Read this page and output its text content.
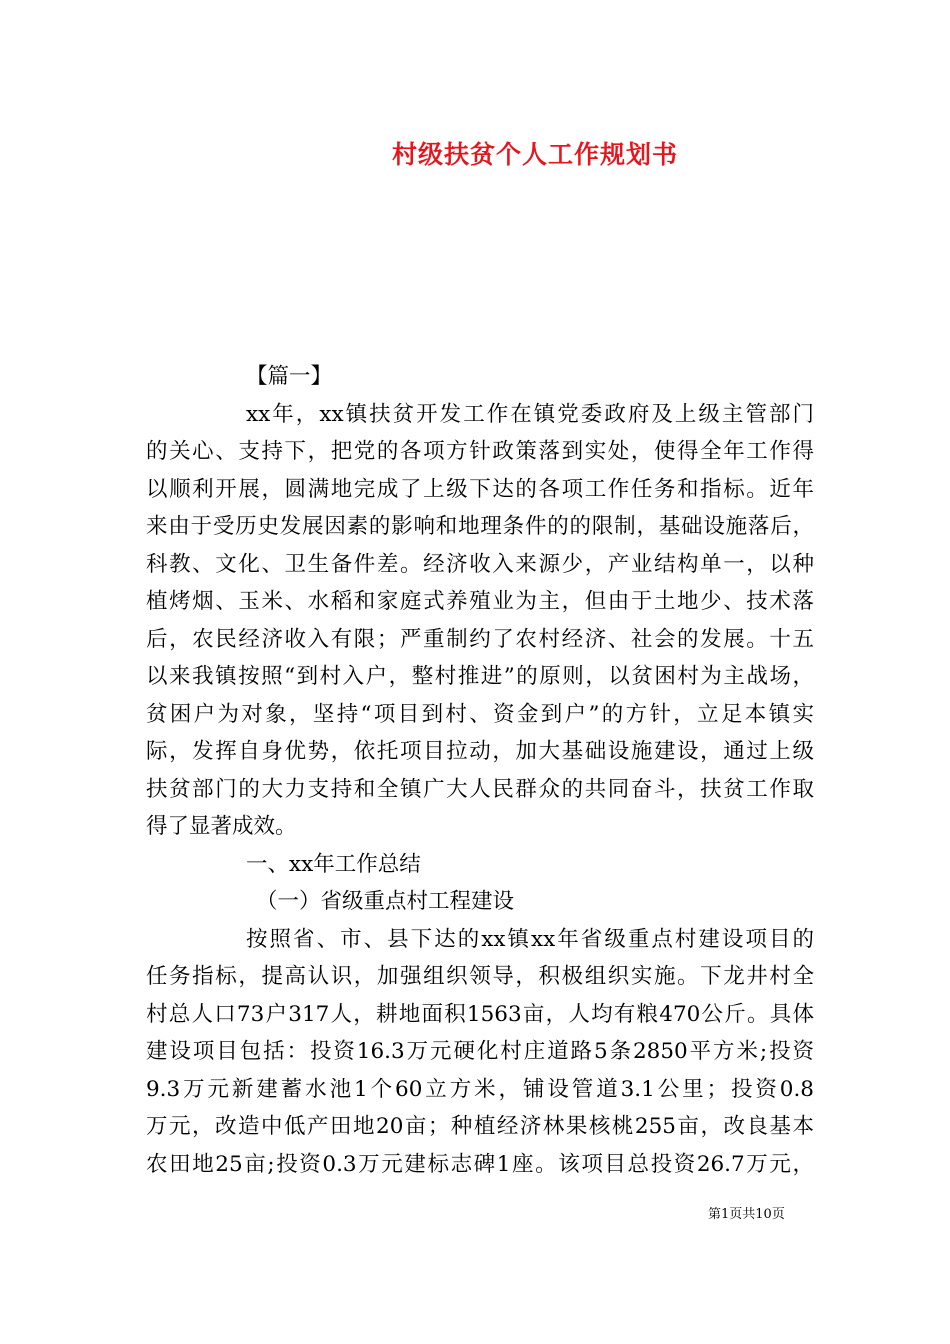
村级扶贫个人工作规划书
【篇一】
xx年，xx镇扶贫开发工作在镇党委政府及上级主管部门
的关心、支持下，把党的各项方针政策落到实处，使得全年工作得
以顺利开展，圆满地完成了上级下达的各项工作任务和指标。近年
来由于受历史发展因素的影响和地理条件的的限制，基础设施落后，
科教、文化、卫生备件差。经济收入来源少，产业结构单一，以种
植烤烟、玉米、水稻和家庭式养殖业为主，但由于土地少、技术落
后，农民经济收入有限；严重制约了农村经济、社会的发展。十五
以来我镇按照“到村入户，整村推进”的原则，以贫困村为主战场，
贫困户为对象，坚持“项目到村、资金到户”的方针，立足本镇实
际，发挥自身优势，依托项目拉动，加大基础设施建设，通过上级
扶贫部门的大力支持和全镇广大人民群众的共同奋斗，扶贫工作取
得了显著成效。
一、xx年工作总结
（一）省级重点村工程建设
按照省、市、县下达的xx镇xx年省级重点村建设项目的
任务指标，提高认识，加强组织领导，积极组织实施。下龙井村全
村总人口73户317人，耕地面积1563亩，人均有粮470公斤。具体
建设项目包括：投资16.3万元硬化村庄道路5条2850平方米;投资
9.3万元新建蓄水池1个60立方米，铺设管道3.1公里；投资0.8
万元，改造中低产田地20亩；种植经济林果核桃255亩，改良基本
农田地25亩;投资0.3万元建标志碑1座。该项目总投资26.7万元，
第1页共10页
